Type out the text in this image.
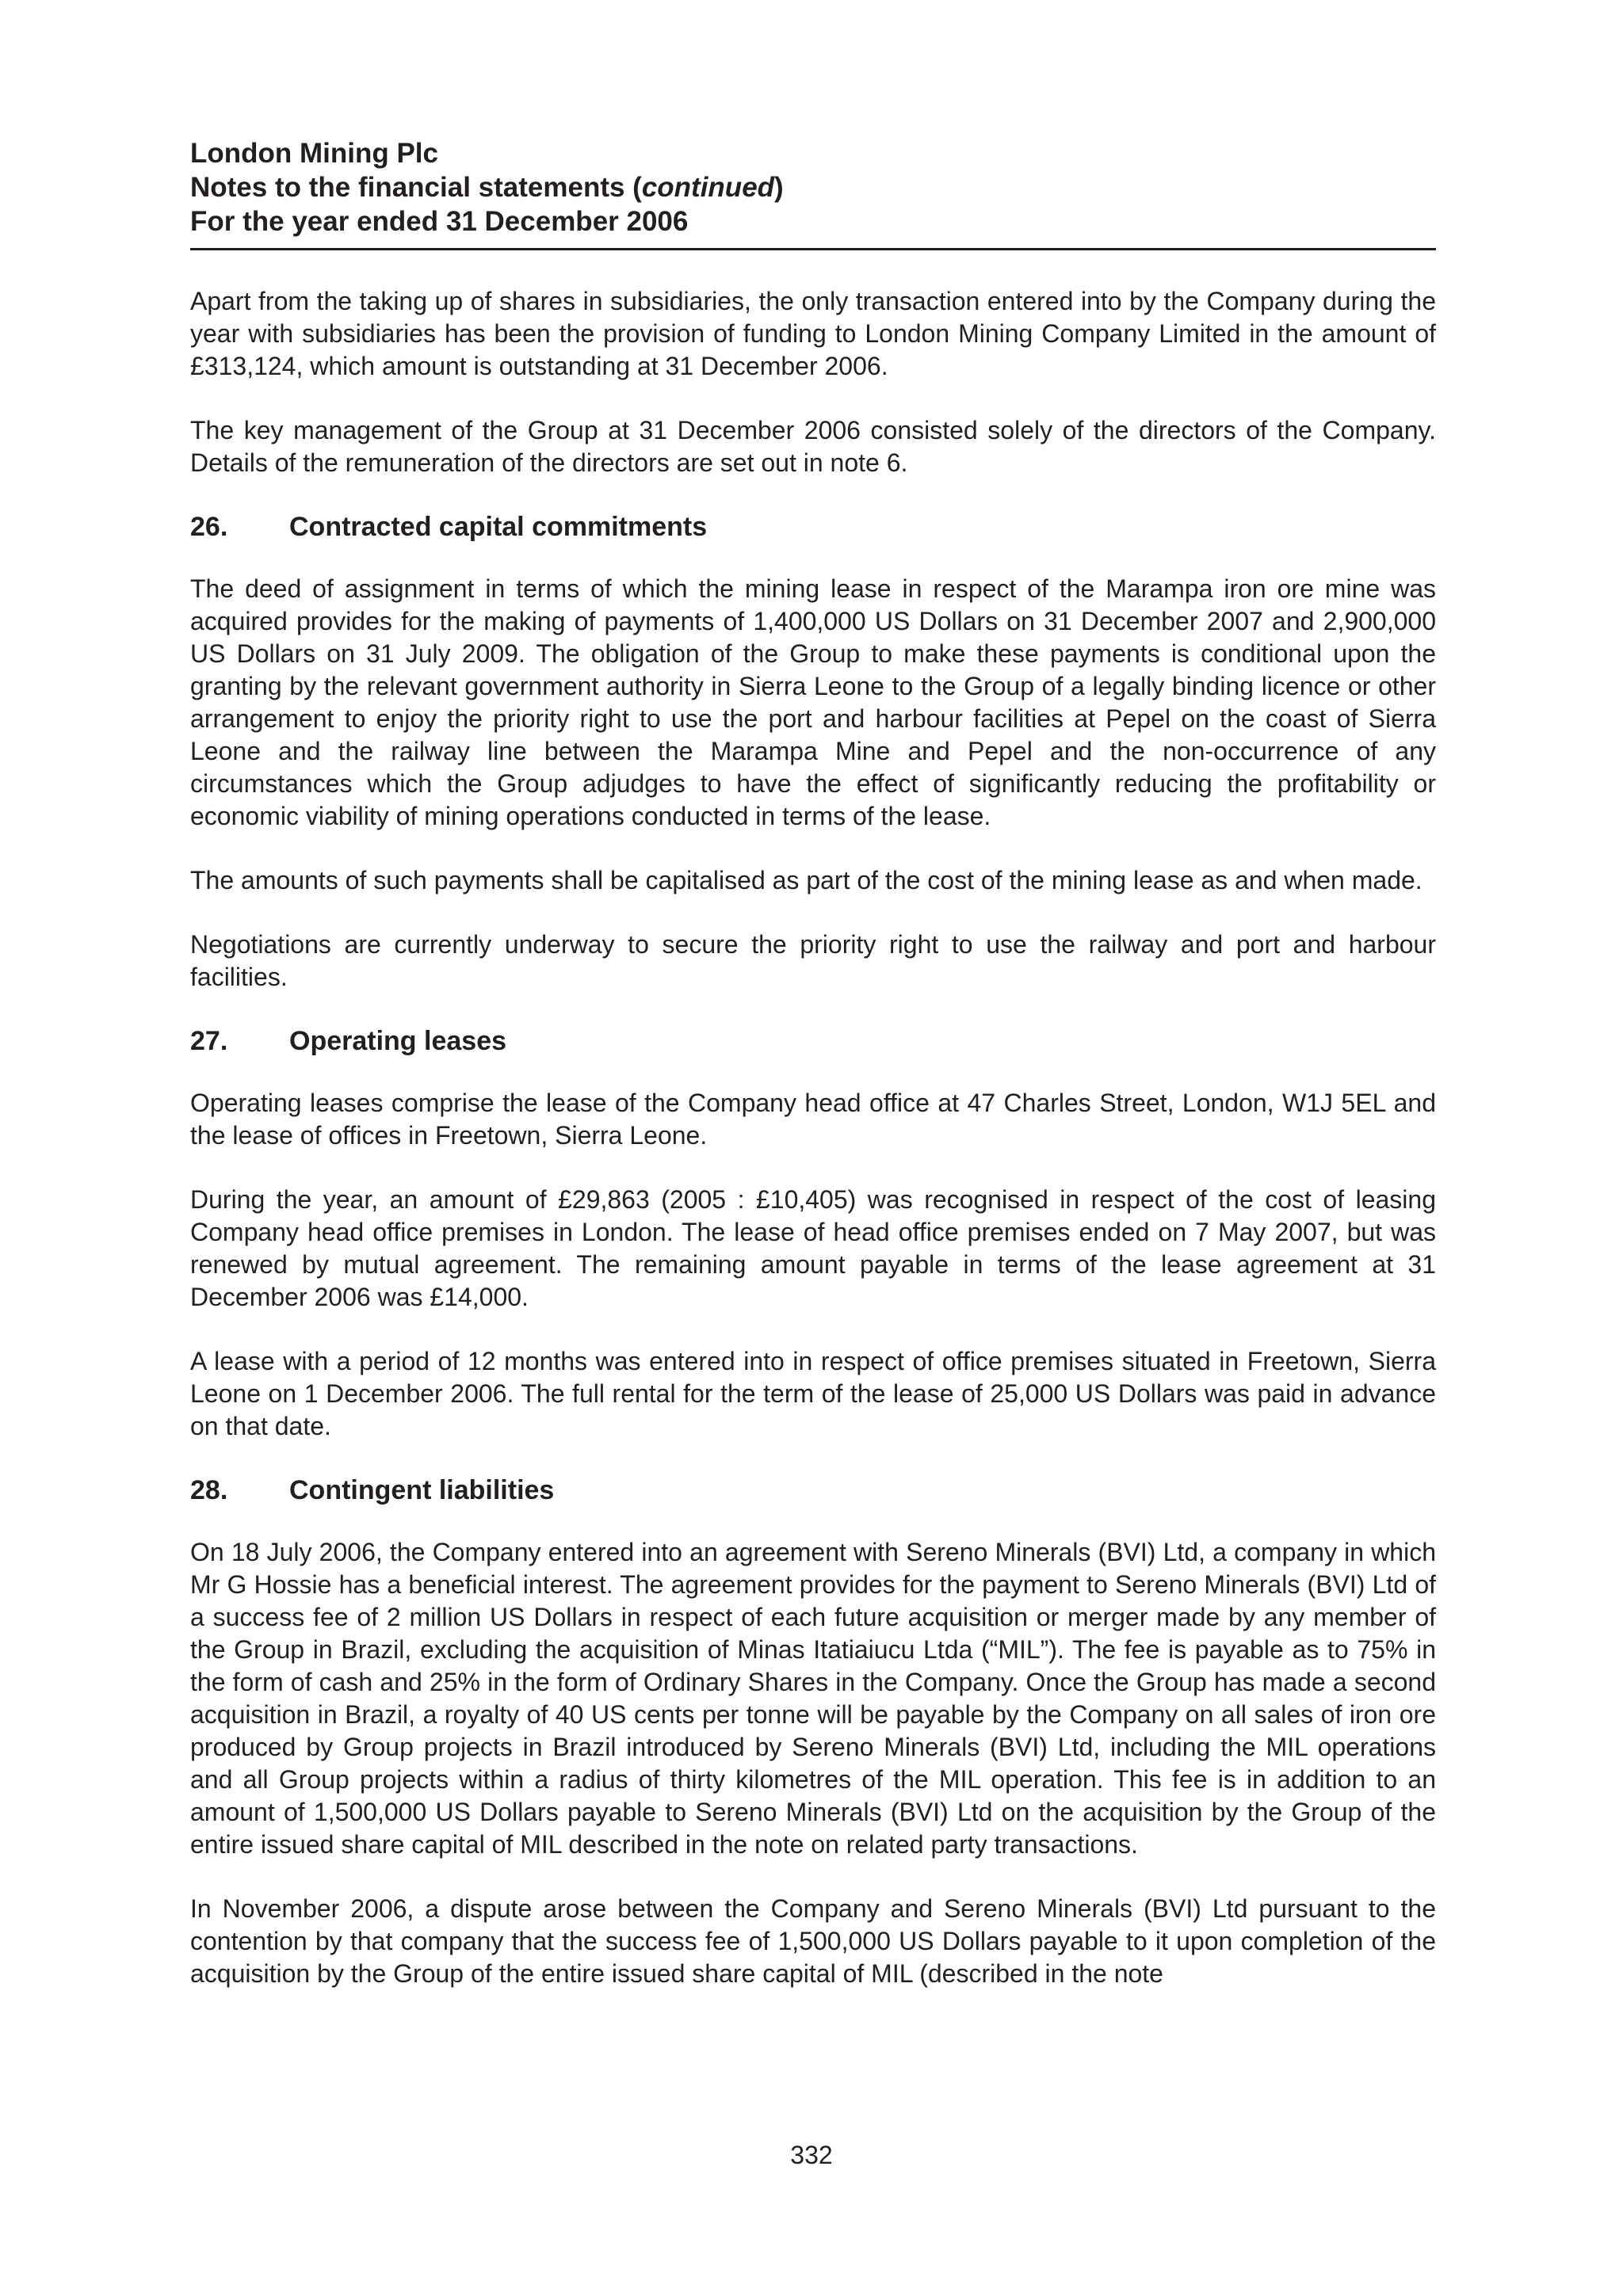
London Mining Plc
Notes to the financial statements (continued)
For the year ended 31 December 2006

Apart from the taking up of shares in subsidiaries, the only transaction entered into by the Company during the year with subsidiaries has been the provision of funding to London Mining Company Limited in the amount of £313,124, which amount is outstanding at 31 December 2006.

The key management of the Group at 31 December 2006 consisted solely of the directors of the Company. Details of the remuneration of the directors are set out in note 6.

26.	Contracted capital commitments

The deed of assignment in terms of which the mining lease in respect of the Marampa iron ore mine was acquired provides for the making of payments of 1,400,000 US Dollars on 31 December 2007 and 2,900,000 US Dollars on 31 July 2009. The obligation of the Group to make these payments is conditional upon the granting by the relevant government authority in Sierra Leone to the Group of a legally binding licence or other arrangement to enjoy the priority right to use the port and harbour facilities at Pepel on the coast of Sierra Leone and the railway line between the Marampa Mine and Pepel and the non-occurrence of any circumstances which the Group adjudges to have the effect of significantly reducing the profitability or economic viability of mining operations conducted in terms of the lease.

The amounts of such payments shall be capitalised as part of the cost of the mining lease as and when made.

Negotiations are currently underway to secure the priority right to use the railway and port and harbour facilities.

27.	Operating leases

Operating leases comprise the lease of the Company head office at 47 Charles Street, London, W1J 5EL and the lease of offices in Freetown, Sierra Leone.

During the year, an amount of £29,863 (2005 : £10,405) was recognised in respect of the cost of leasing Company head office premises in London. The lease of head office premises ended on 7 May 2007, but was renewed by mutual agreement. The remaining amount payable in terms of the lease agreement at 31 December 2006 was £14,000.

A lease with a period of 12 months was entered into in respect of office premises situated in Freetown, Sierra Leone on 1 December 2006. The full rental for the term of the lease of 25,000 US Dollars was paid in advance on that date.

28.	Contingent liabilities

On 18 July 2006, the Company entered into an agreement with Sereno Minerals (BVI) Ltd, a company in which Mr G Hossie has a beneficial interest. The agreement provides for the payment to Sereno Minerals (BVI) Ltd of a success fee of 2 million US Dollars in respect of each future acquisition or merger made by any member of the Group in Brazil, excluding the acquisition of Minas Itatiaiucu Ltda (“MIL”). The fee is payable as to 75% in the form of cash and 25% in the form of Ordinary Shares in the Company. Once the Group has made a second acquisition in Brazil, a royalty of 40 US cents per tonne will be payable by the Company on all sales of iron ore produced by Group projects in Brazil introduced by Sereno Minerals (BVI) Ltd, including the MIL operations and all Group projects within a radius of thirty kilometres of the MIL operation. This fee is in addition to an amount of 1,500,000 US Dollars payable to Sereno Minerals (BVI) Ltd on the acquisition by the Group of the entire issued share capital of MIL described in the note on related party transactions.

In November 2006, a dispute arose between the Company and Sereno Minerals (BVI) Ltd pursuant to the contention by that company that the success fee of 1,500,000 US Dollars payable to it upon completion of the acquisition by the Group of the entire issued share capital of MIL (described in the note

332
